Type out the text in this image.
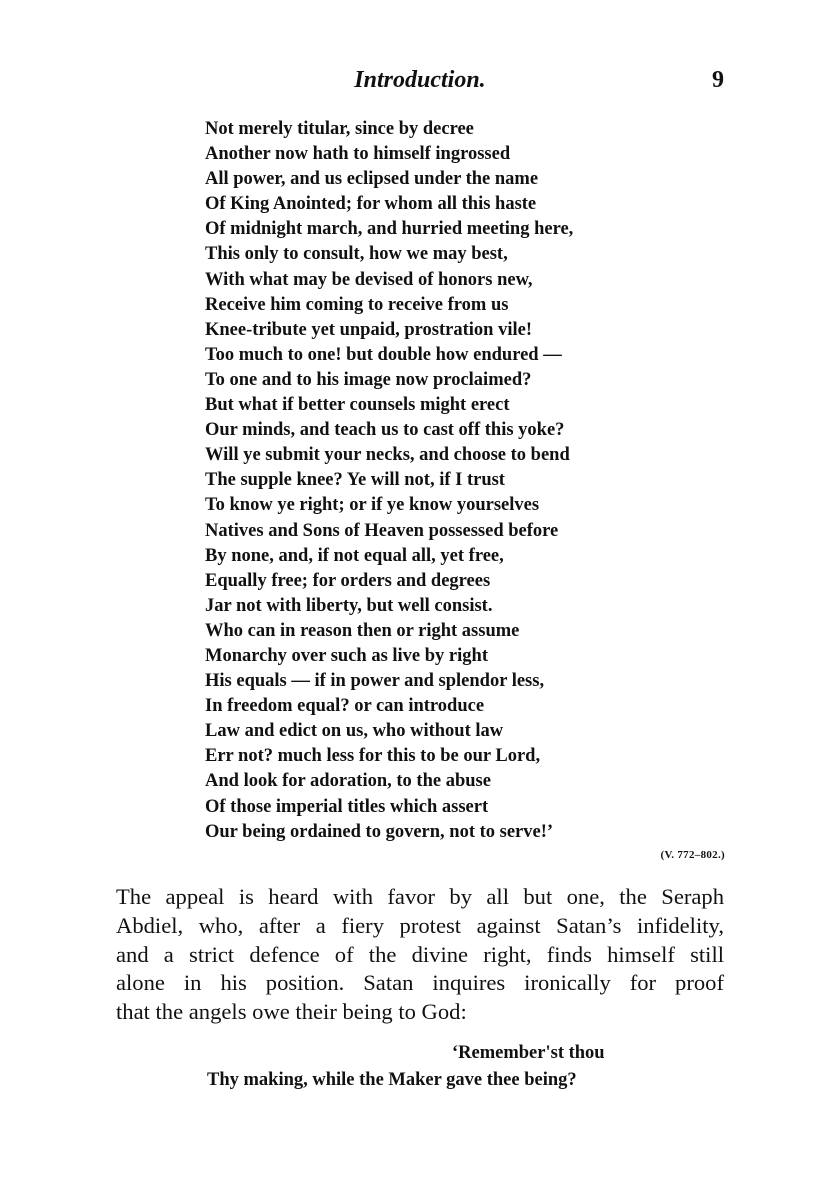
Introduction.	9
Not merely titular, since by decree
Another now hath to himself ingrossed
All power, and us eclipsed under the name
Of King Anointed; for whom all this haste
Of midnight march, and hurried meeting here,
This only to consult, how we may best,
With what may be devised of honors new,
Receive him coming to receive from us
Knee-tribute yet unpaid, prostration vile!
Too much to one! but double how endured —
To one and to his image now proclaimed?
But what if better counsels might erect
Our minds, and teach us to cast off this yoke?
Will ye submit your necks, and choose to bend
The supple knee? Ye will not, if I trust
To know ye right; or if ye know yourselves
Natives and Sons of Heaven possessed before
By none, and, if not equal all, yet free,
Equally free; for orders and degrees
Jar not with liberty, but well consist.
Who can in reason then or right assume
Monarchy over such as live by right
His equals — if in power and splendor less,
In freedom equal? or can introduce
Law and edict on us, who without law
Err not? much less for this to be our Lord,
And look for adoration, to the abuse
Of those imperial titles which assert
Our being ordained to govern, not to serve!’
(V. 772–802.)
The appeal is heard with favor by all but one, the Seraph
Abdiel, who, after a fiery protest against Satan’s infidelity,
and a strict defence of the divine right, finds himself still
alone in his position. Satan inquires ironically for proof
that the angels owe their being to God:
‘Remember'st thou
Thy making, while the Maker gave thee being?
